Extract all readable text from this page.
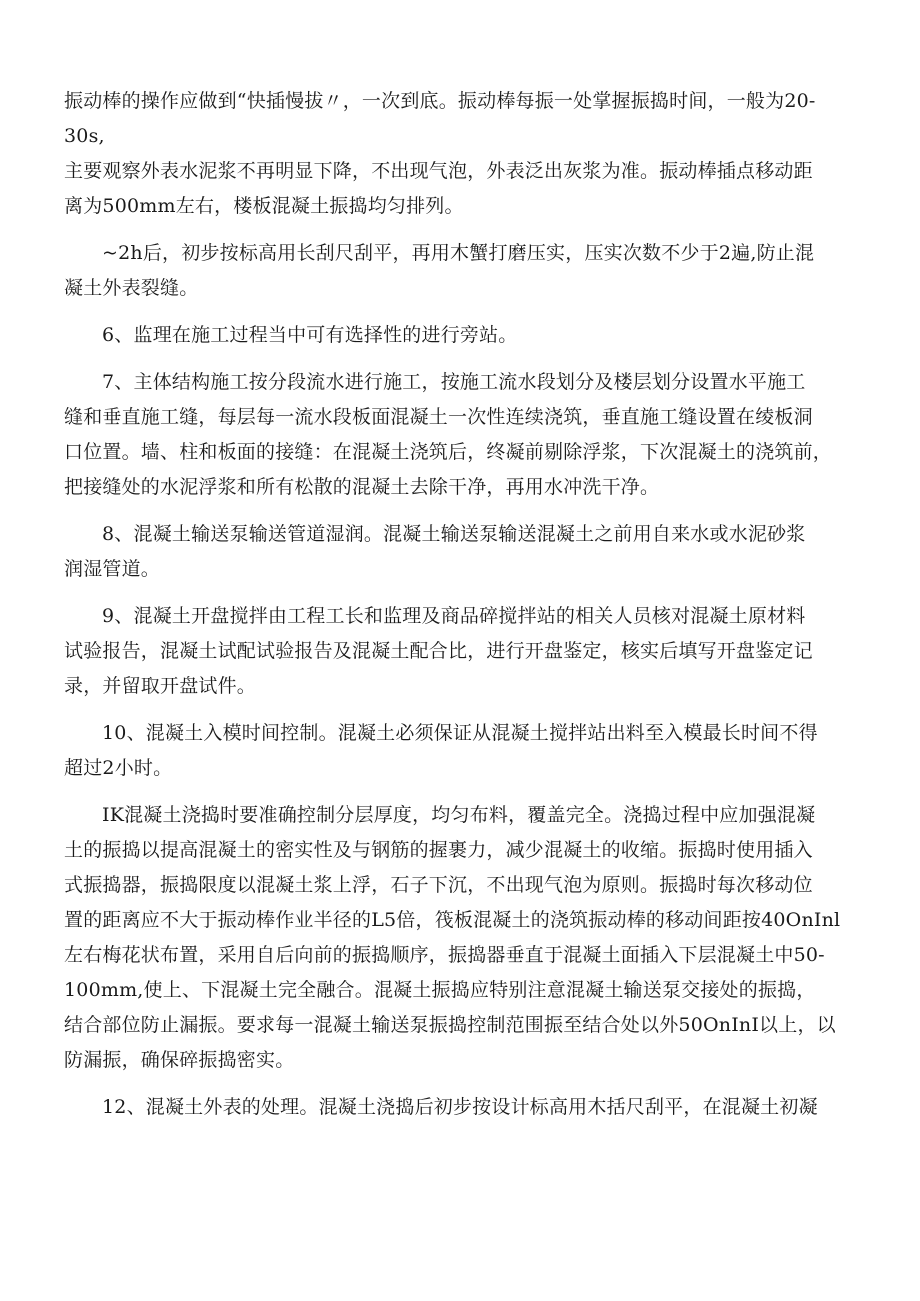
振动棒的操作应做到“快插慢拔〃，一次到底。振动棒每振一处掌握振捣时间，一般为20-30s,
主要观察外表水泥浆不再明显下降，不出现气泡，外表泛出灰浆为准。振动棒插点移动距
离为500mm左右，楼板混凝土振捣均匀排列。

~2h后，初步按标高用长刮尺刮平，再用木蟹打磨压实，压实次数不少于2遍,防止混
凝土外表裂缝。

6、监理在施工过程当中可有选择性的进行旁站。

7、主体结构施工按分段流水进行施工，按施工流水段划分及楼层划分设置水平施工
缝和垂直施工缝，每层每一流水段板面混凝土一次性连续浇筑，垂直施工缝设置在绫板洞
口位置。墙、柱和板面的接缝：在混凝土浇筑后，终凝前剔除浮浆，下次混凝土的浇筑前，
把接缝处的水泥浮浆和所有松散的混凝土去除干净，再用水冲洗干净。

8、混凝土输送泵输送管道湿润。混凝土输送泵输送混凝土之前用自来水或水泥砂浆
润湿管道。

9、混凝土开盘搅拌由工程工长和监理及商品碎搅拌站的相关人员核对混凝土原材料
试验报告，混凝土试配试验报告及混凝土配合比，进行开盘鉴定，核实后填写开盘鉴定记
录，并留取开盘试件。

10、混凝土入模时间控制。混凝土必须保证从混凝土搅拌站出料至入模最长时间不得
超过2小时。

IK混凝土浇捣时要准确控制分层厚度，均匀布料，覆盖完全。浇捣过程中应加强混凝
土的振捣以提高混凝土的密实性及与钢筋的握裹力，减少混凝土的收缩。振捣时使用插入
式振捣器，振捣限度以混凝土浆上浮，石子下沉，不出现气泡为原则。振捣时每次移动位
置的距离应不大于振动棒作业半径的L5倍，筏板混凝土的浇筑振动棒的移动间距按40OnInl
左右梅花状布置，采用自后向前的振捣顺序，振捣器垂直于混凝土面插入下层混凝土中50-
100mm,使上、下混凝土完全融合。混凝土振捣应特别注意混凝土输送泵交接处的振捣，
结合部位防止漏振。要求每一混凝土输送泵振捣控制范围振至结合处以外50OnInI以上，以
防漏振，确保碎振捣密实。

12、混凝土外表的处理。混凝土浇捣后初步按设计标高用木括尺刮平，在混凝土初凝
